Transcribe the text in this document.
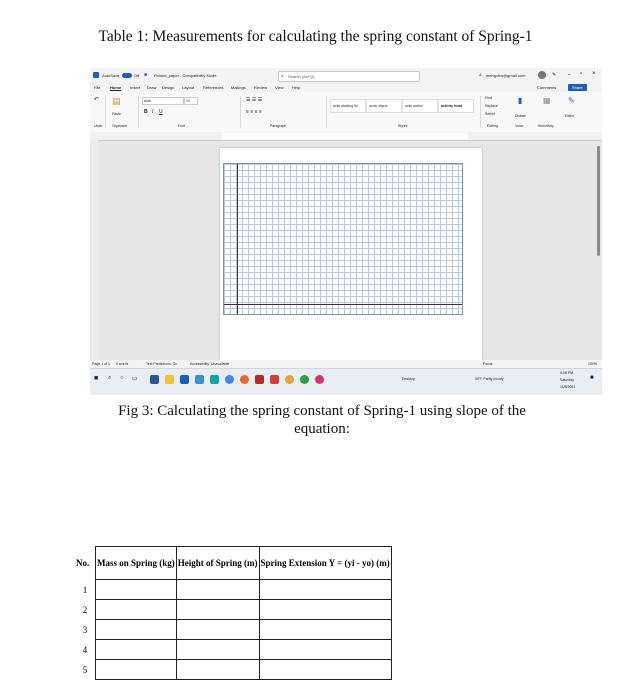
Table 1: Measurements for calculating the spring constant of Spring-1
AutoSave	Off ■ Poland_paper - Compatibility Mode	⌕ Search (Alt+Q)	▲ mengxhw@gmail.com	✎ – ▫ ×
File Home Insert Draw Design Layout References Mailings Review View Help	Comments	Share
↶
Undo
▤
Paste
Clipboard
Arial	10
B I U
Font
☰ ☰ ☰
≡ ≡ ≡ ≡
Paragraph
activ dividing lin	acctv object	activ author	activity head
Styles
Find
Replace
Select
Editing
▮
Dictate
Voice
▦
Sensitivity
✎
Editor
Page 1 of 1 0 words	Text Predictions: On	Accessibility: Unavailable	Focus	100%
■ ⌕ ○ ▭	Desktop	69°F Partly cloudy
9:06 PM
Saturday
11/5/2022
■
Fig 3: Calculating the spring constant of Spring-1 using slope of the equation:
No.	Mass on Spring (kg)	Height of Spring (m)	Spring Extension Y = (yi - yo) (m)
1			
2			
3			
4			
5			
